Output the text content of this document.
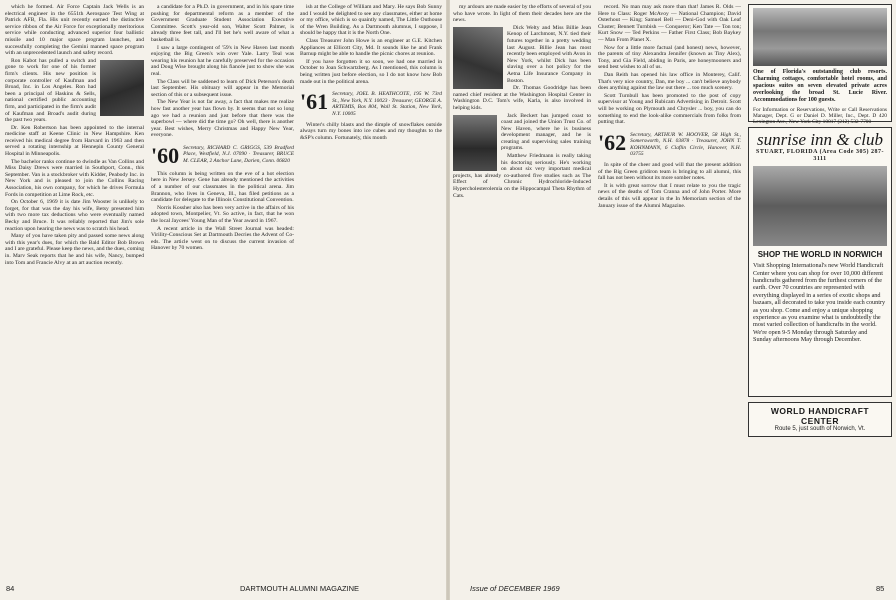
which he formed. Air Force Captain Jack Wells is an electrical engineer in the 6551th Aerospace Test Wing at Patrick AFB, Fla. His unit recently earned the distinctive service ribbon of the Air Force for exceptionally meritorious service while conducting advanced superior four ballistic missile and 10 major space program launches, and successfully completing the Gemini manned space program with an unprecedented launch and safety record.

Ron Kabot has pulled a switch and gone to work for one of his former firm's clients. His new position is corporate controller of Kaufman and Broad, Inc. in Los Angeles. Ron had been a principal of Haskins & Sells, national certified public accounting firm, and participated in the firm's audit of Kaufman and Broad's audit during the past two years.

Dr. Ken Robertson has been appointed to the internal medicine staff at Keene Clinic in New Hampshire. Ken received his medical degree from Harvard in 1963 and then served a rotating internship at Hennepin County General Hospital in Minneapolis.

The bachelor ranks continue to dwindle as Van Collins and Miss Daisy Drews were married in Southport, Conn., this September. Van is a stockbroker with Kidder, Peabody Inc. in New York and is pleased to join the Collins Racing Association, his own company, for which he drives Formula Fords in competition at Lime Rock, etc.

On October 6, 1969 it is date Jim Wooster is unlikely to forget, for that was the day his wife, Betsy presented him with two more tax deductions who were eventually named Becky and Bruce. It was reliably reported that Jim's sole reaction upon hearing the news was to scratch his head.

Many of you have taken pity and passed some news along with this year's dues, for which the Bald Editor Bob Brown and I are grateful. Please keep the news, and the dues, coming in. Marv Seak reports that he and his wife, Nancy, bumped into Tom and Francie Alvy at an art auction recently.

a candidate for a Ph.D. in government, and in his spare time pushing for departmental reform as a member of the Government Graduate Student Association Executive Committee. Scott's year-old son, Walter Scott Palmer, is already three feet tall, and I'll bet he's well aware of what a basketball is.

I saw a large contingent of '59's in New Haven last month enjoying the Big Green's win over Yale. Larry Teal was wearing his reunion hat he carefully preserved for the occasion and Doug Wise brought along his fiancée just to show she was real.

The Class will be saddened to learn of Dick Peterson's death last September. His obituary will appear in the Memorial section of this or a subsequent issue.

The New Year is not far away, a fact that makes me realize how fast another year has flown by. It seems that not so long ago we had a reunion and just before that there was the superbowl — where did the time go? Oh well, there is another year. Best wishes, Merry Christmas and Happy New Year, everyone.

'60 Secretary, RICHARD C. GRIGGS, 539 Bradford Place, Westfield, N.J. 07090 · Treasurer, BRUCE M. CLEAR, 2 Anchor Lane, Darien, Conn. 06820

This column is being written on the eve of a hot election here in New Jersey. Gene has already mentioned the activities of a number of our classmates in the political arena. Jim Brannon, who lives in Geneva, Ill., has filed petitions as a candidate for delegate to the Illinois Constitutional Convention.

Norris Kossher also has been very active in the affairs of his adopted town, Montpelier, Vt. So active, in fact, that he won the local Jaycees' Young Man of the Year award in 1967.

A recent article in the Wall Street Journal was headed: Virility-Conscious Set at Dartmouth Decries the Advent of Co-eds. The article went on to discuss the current invasion of Hanover by 70 women.

ish at the College of William and Mary. He says Bob Sunny and I would be delighted to see any classmates, either at home or my office, which is so quaintly named, The Little Outhouse of the Wren Building. As a Dartmouth alumnus, I suppose, I should be happy that it is the North One.

Class Treasurer John Howe is an engineer at G.E. Kitchen Appliances at Ellicott City, Md. It sounds like he and Frank Barnup might be able to handle the picnic chores at reunion.

If you have forgotten it so soon, we had one married in October to Joan Schwartzberg. As I mentioned, this column is being written just before election, so I do not know how Bob made out in the political arena.

'61 Secretary, JOEL B. HEATHCOTE, 195 W. 73rd St., New York, N.Y. 10023 · Treasurer, GEORGE A. ARTEMIS, Box 804, Wall St. Station, New York, N.Y. 10005

Winter's chilly blasts and the dimple of snowflakes outside always turn my bones into ice cubes and my thoughts to the &SP's column. Fortunately, this month

my ardours are made easier by the efforts of several of you who have wrote. In light of them their decades here are the news.

Dick Welty and Miss Billie Jean Kenop of Larchmont, N.Y. tied their futures together in a pretty wedding last August. Billie Jean has most recently been employed with Avon in New York, whilst Dick has been slaving over a hot policy for the Aetna Life Insurance Company in Boston.

Dr. Thomas Goodridge has been named chief resident at the Washington Hospital Center in Washington D.C. Tom's wife, Karla, is also involved in helping kids.

Jack Beckert has jumped coast to coast and joined the Union Trust Co. of New Haven, where he is business development manager, and he is creating and supervising sales training programs.

Matthew Friedmann is really taking his doctoring seriously. He's working on about six very important medical projects, has already co-authored five studies such as The Effect of Chronic Hydrochloride-Induced Hypercholesterolemia on the Hippocampal Theta Rhythm of Cats.

record. No man may ask more than that! James R. Olds — Here to Class: Roger McAvoy — National Champion; David Osterhout — King; Samuel Bell — Deni-God with Oak Leaf Cluster; Bennett Turnbish — Conqueror; Ken Tate — Ton ton; Kurt Snow — Ted Perkins — Father First Class; Bob Baykey — Man From Planet X.

Now for a little more factual (and honest) news, however, the parents of tiny Alexandra Jennifer (known as Tiny Alex), Tony, and Gia Field, abiding in Paris, are honeymooners and send best wishes to all of us.

Dan Reith has opened his law office in Monterey, Calif. That's very nice country, Dan, me boy ... can't believe anybody does anything against the law out there ... too much scenery.

Scott Turnbull has been promoted to the post of copy supervisor at Young and Rubicam Advertising in Detroit. Scott will be working on Plymouth and Chrysler ... boy, you can do something to end the look-alike commercials from folks from putting that.

'62 Secretary, ARTHUR W. HOOVER, 58 High St., Somersworth, N.H. 03878 · Treasurer, JOHN T. KOHNMANN, 6 Claflin Circle, Hanover, N.H. 03755

In spite of the cheer and good will that the present addition of the Big Green gridiron team is bringing to all alumni, this fall has not been without its more somber notes.

It is with great sorrow that I must relate to you the tragic news of the deaths of Tom Cranna and of John Porter. More details of this will appear in the In Memoriam section of the January issue of the Alumni Magazine.

One of Florida's outstanding club resorts. Charming cottages, comfortable hotel rooms, and spacious suites on seven elevated private acres overlooking the broad St. Lucie River. Accommodations for 100 guests.
For Information or Reservations, Write or Call Reservations Manager, Dept. G or Daniel D. Miller, Inc., Dept. D 420 Lexington Ave., New York City 10017 (212) 532-7700
sunrise inn & club
STUART, FLORIDA (Area Code 305) 287-3111
SHOP THE WORLD IN NORWICH
Visit Shopping International's new World Handicraft Center where you can shop for over 10,000 different handicrafts gathered from the furthest corners of the earth. Over 70 countries are represented with everything displayed in a series of exotic shops and bazaars, all decorated to take you inside each country as you shop. Come and enjoy a unique shopping experience as you examine what is undoubtedly the most varied collection of handicrafts in the world. We're open 9-5 Monday through Saturday and Sunday afternoons May through December.
WORLD HANDICRAFT CENTER
Route 5, just south of Norwich, Vt.
84	DARTMOUTH ALUMNI MAGAZINE	Issue of DECEMBER 1969	85
